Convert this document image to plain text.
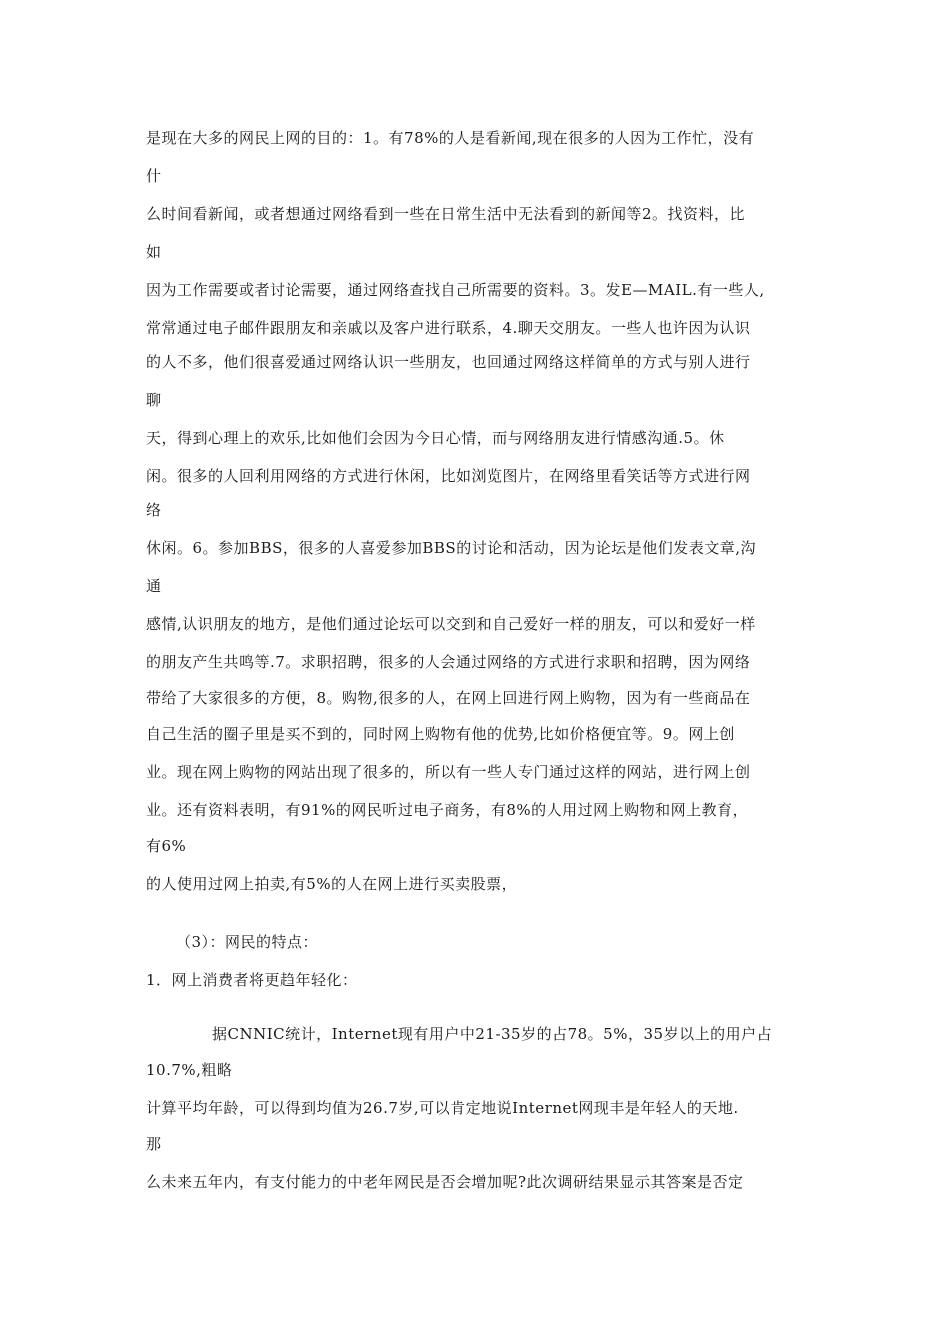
是现在大多的网民上网的目的：1。有78%的人是看新闻,现在很多的人因为工作忙，没有
什
么时间看新闻，或者想通过网络看到一些在日常生活中无法看到的新闻等2。找资料，比
如
因为工作需要或者讨论需要，通过网络查找自己所需要的资料。3。发E—MAIL.有一些人,
常常通过电子邮件跟朋友和亲戚以及客户进行联系，4.聊天交朋友。一些人也许因为认识
的人不多，他们很喜爱通过网络认识一些朋友，也回通过网络这样简单的方式与别人进行
聊
天，得到心理上的欢乐,比如他们会因为今日心情，而与网络朋友进行情感沟通.5。休
闲。很多的人回利用网络的方式进行休闲，比如浏览图片，在网络里看笑话等方式进行网
络
休闲。6。参加BBS，很多的人喜爱参加BBS的讨论和活动，因为论坛是他们发表文章,沟
通
感情,认识朋友的地方，是他们通过论坛可以交到和自己爱好一样的朋友，可以和爱好一样
的朋友产生共鸣等.7。求职招聘，很多的人会通过网络的方式进行求职和招聘，因为网络
带给了大家很多的方便，8。购物,很多的人，在网上回进行网上购物，因为有一些商品在
自己生活的圈子里是买不到的，同时网上购物有他的优势,比如价格便宜等。9。网上创
业。现在网上购物的网站出现了很多的，所以有一些人专门通过这样的网站，进行网上创
业。还有资料表明，有91%的网民听过电子商务，有8%的人用过网上购物和网上教育，
有6%
的人使用过网上拍卖,有5%的人在网上进行买卖股票，
（3）：网民的特点：
1．网上消费者将更趋年轻化：
据CNNIC统计，Internet现有用户中21-35岁的占78。5%，35岁以上的用户占
10.7%,粗略
计算平均年龄，可以得到均值为26.7岁,可以肯定地说Internet网现丰是年轻人的天地.
那
么未来五年内，有支付能力的中老年网民是否会增加呢?此次调研结果显示其答案是否定
